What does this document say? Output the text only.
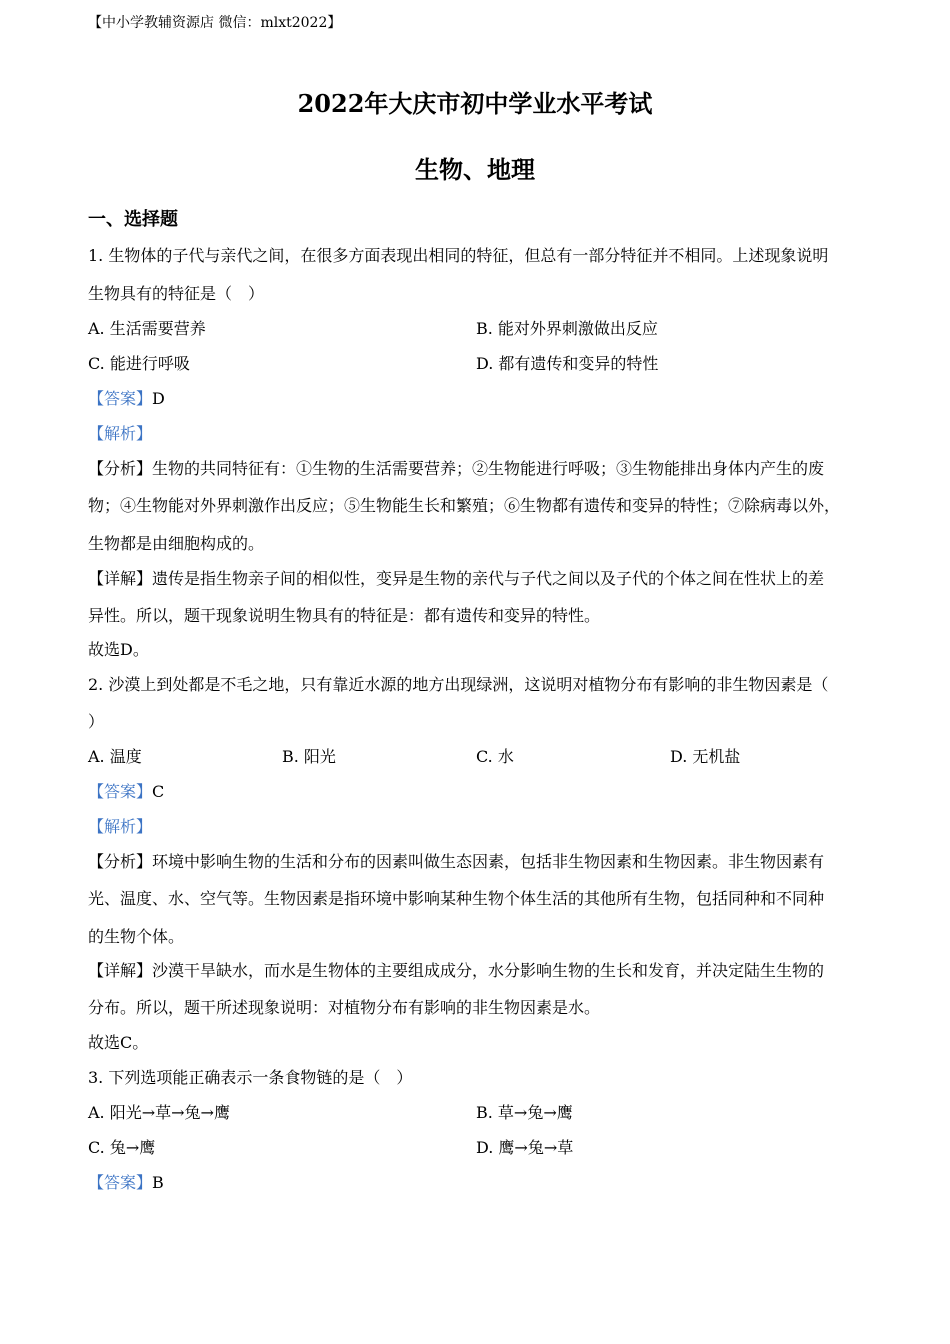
【中小学教辅资源店 微信：mlxt2022】
2022年大庆市初中学业水平考试
生物、地理
一、选择题
1. 生物体的子代与亲代之间，在很多方面表现出相同的特征，但总有一部分特征并不相同。上述现象说明
生物具有的特征是（　）
A. 生活需要营养	B. 能对外界刺激做出反应
C. 能进行呼吸	D. 都有遗传和变异的特性
【答案】D
【解析】
【分析】生物的共同特征有：①生物的生活需要营养；②生物能进行呼吸；③生物能排出身体内产生的废
物；④生物能对外界刺激作出反应；⑤生物能生长和繁殖；⑥生物都有遗传和变异的特性；⑦除病毒以外，
生物都是由细胞构成的。
【详解】遗传是指生物亲子间的相似性，变异是生物的亲代与子代之间以及子代的个体之间在性状上的差
异性。所以，题干现象说明生物具有的特征是：都有遗传和变异的特性。
故选D。
2. 沙漠上到处都是不毛之地，只有靠近水源的地方出现绿洲，这说明对植物分布有影响的非生物因素是（
）
A. 温度	B. 阳光	C. 水	D. 无机盐
【答案】C
【解析】
【分析】环境中影响生物的生活和分布的因素叫做生态因素，包括非生物因素和生物因素。非生物因素有
光、温度、水、空气等。生物因素是指环境中影响某种生物个体生活的其他所有生物，包括同种和不同种
的生物个体。
【详解】沙漠干旱缺水，而水是生物体的主要组成成分，水分影响生物的生长和发育，并决定陆生生物的
分布。所以，题干所述现象说明：对植物分布有影响的非生物因素是水。
故选C。
3. 下列选项能正确表示一条食物链的是（　）
A. 阳光→草→兔→鹰	B. 草→兔→鹰
C. 兔→鹰	D. 鹰→兔→草
【答案】B
